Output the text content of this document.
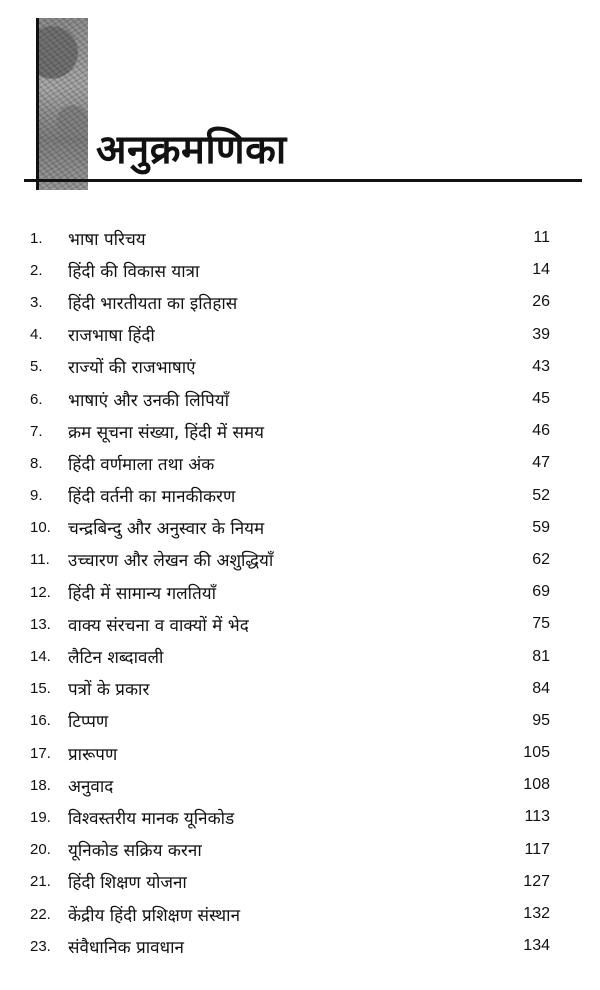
अनुक्रमणिका
1.	भाषा परिचय	11
2.	हिंदी की विकास यात्रा	14
3.	हिंदी भारतीयता का इतिहास	26
4.	राजभाषा हिंदी	39
5.	राज्यों की राजभाषाएं	43
6.	भाषाएं और उनकी लिपियाँ	45
7.	क्रम सूचना संख्या, हिंदी में समय	46
8.	हिंदी वर्णमाला तथा अंक	47
9.	हिंदी वर्तनी का मानकीकरण	52
10.	चन्द्रबिन्दु और अनुस्वार के नियम	59
11.	उच्चारण और लेखन की अशुद्धियाँ	62
12.	हिंदी में सामान्य गलतियाँ	69
13.	वाक्य संरचना व वाक्यों में भेद	75
14.	लैटिन शब्दावली	81
15.	पत्रों के प्रकार	84
16.	टिप्पण	95
17.	प्रारूपण	105
18.	अनुवाद	108
19.	विश्वस्तरीय मानक यूनिकोड	113
20.	यूनिकोड सक्रिय करना	117
21.	हिंदी शिक्षण योजना	127
22.	केंद्रीय हिंदी प्रशिक्षण संस्थान	132
23.	संवैधानिक प्रावधान	134
